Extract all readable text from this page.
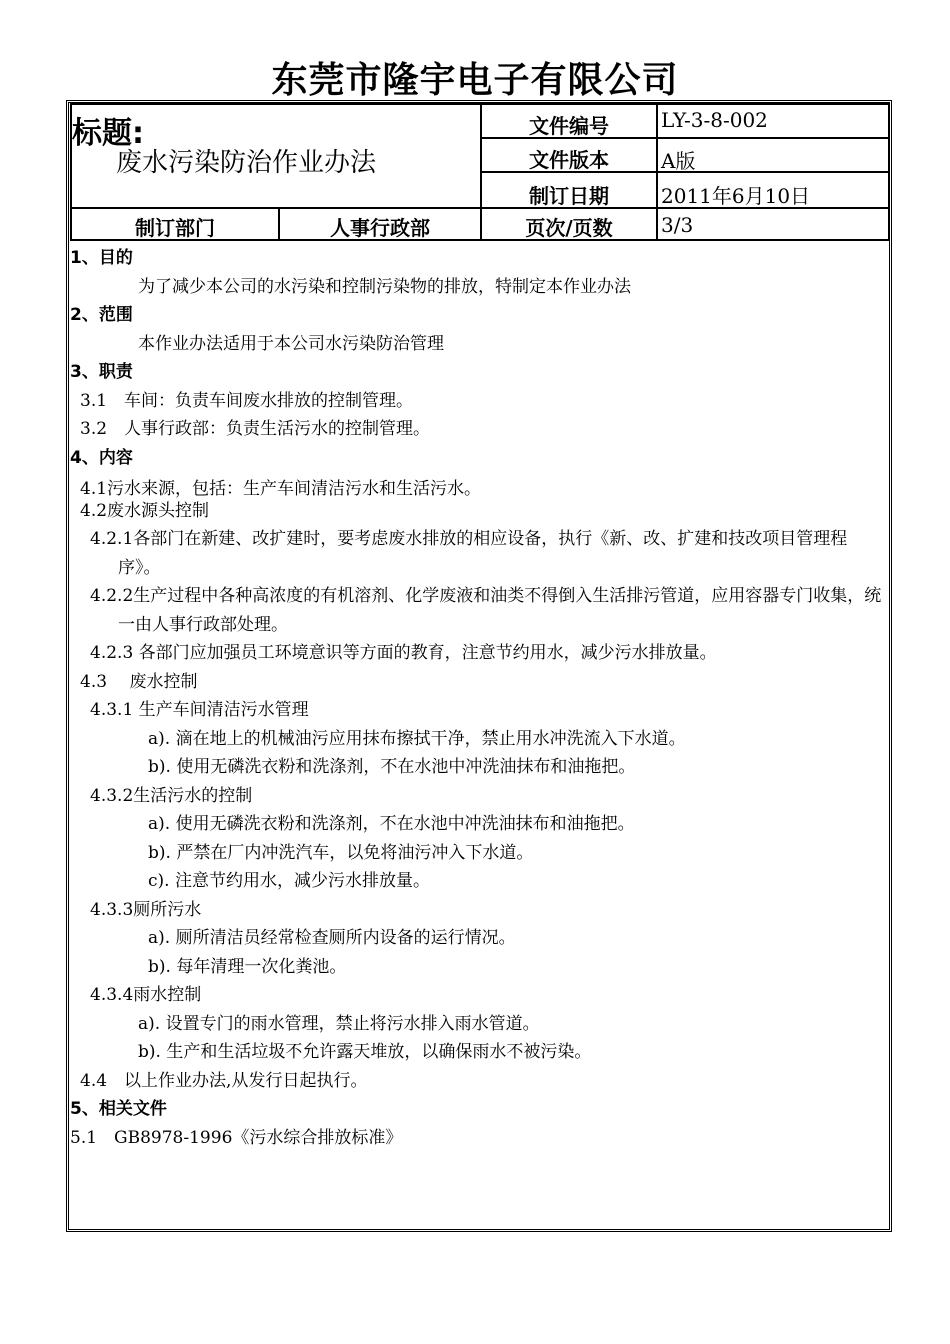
东莞市隆宇电子有限公司
标题:
废水污染防治作业办法
文件编号	LY-3-8-002
文件版本	A版
制订日期	2011年6月10日
制订部门	人事行政部	页次/页数	3/3
1、目的
为了减少本公司的水污染和控制污染物的排放，特制定本作业办法
2、范围
本作业办法适用于本公司水污染防治管理
3、职责
3.1　车间：负责车间废水排放的控制管理。
3.2　人事行政部：负责生活污水的控制管理。
4、内容
4.1污水来源，包括：生产车间清洁污水和生活污水。
4.2废水源头控制
4.2.1各部门在新建、改扩建时，要考虑废水排放的相应设备，执行《新、改、扩建和技改项目管理程序》。
4.2.2生产过程中各种高浓度的有机溶剂、化学废液和油类不得倒入生活排污管道，应用容器专门收集，统一由人事行政部处理。
4.2.3 各部门应加强员工环境意识等方面的教育，注意节约用水，减少污水排放量。
4.3　 废水控制
4.3.1 生产车间清洁污水管理
a). 滴在地上的机械油污应用抹布擦拭干净，禁止用水冲洗流入下水道。
b). 使用无磷洗衣粉和洗涤剂，不在水池中冲洗油抹布和油拖把。
4.3.2生活污水的控制
a). 使用无磷洗衣粉和洗涤剂，不在水池中冲洗油抹布和油拖把。
b). 严禁在厂内冲洗汽车，以免将油污冲入下水道。
c). 注意节约用水，减少污水排放量。
4.3.3厕所污水
a). 厕所清洁员经常检查厕所内设备的运行情况。
b). 每年清理一次化粪池。
4.3.4雨水控制
a). 设置专门的雨水管理，禁止将污水排入雨水管道。
b). 生产和生活垃圾不允许露天堆放，以确保雨水不被污染。
4.4　以上作业办法,从发行日起执行。
5、相关文件
5.1　GB8978-1996《污水综合排放标准》
